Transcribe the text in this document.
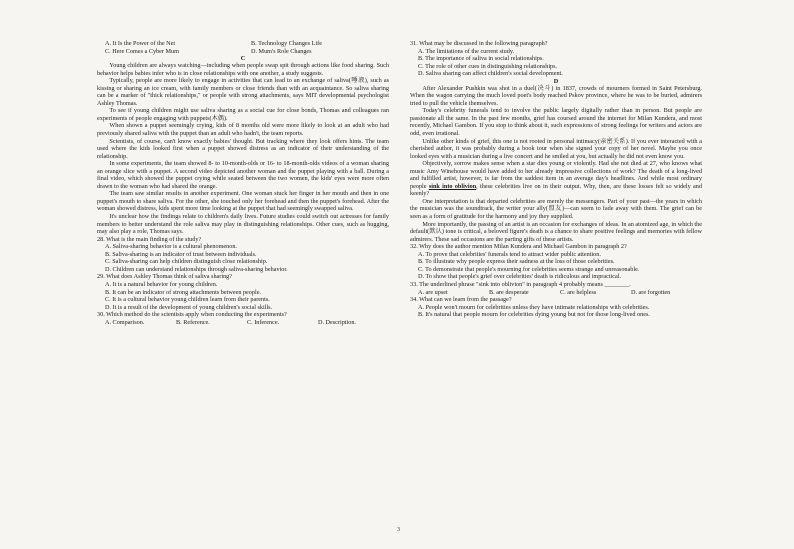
A. It Is the Power of the Net	B. Technology Changes Life
C. Here Comes a Cyber Mum	D. Mum's Role Changes
C

Young children are always watching—including when people swap spit through actions like food sharing. Such behavior helps babies infer who is in close relationships with one another, a study suggests.

Typically, people are more likely to engage in activities that can lead to an exchange of saliva(唾液), such as kissing or sharing an ice cream, with family members or close friends than with an acquaintance. So saliva sharing can be a marker of "thick relationships," or people with strong attachments, says MIT developmental psychologist Ashley Thomas.

To see if young children might use saliva sharing as a social cue for close bonds, Thomas and colleagues ran experiments of people engaging with puppets(木偶).

When shown a puppet seemingly crying, kids of 8 months old were more likely to look at an adult who had previously shared saliva with the puppet than an adult who hadn't, the team reports.

Scientists, of course, can't know exactly babies' thought. But tracking where they look offers hints. The team used where the kids looked first when a puppet showed distress as an indicator of their understanding of the relationship.

In some experiments, the team showed 8- to 10-month-olds or 16- to 18-month-olds videos of a woman sharing an orange slice with a puppet. A second video depicted another woman and the puppet playing with a ball. During a final video, which showed the puppet crying while seated between the two women, the kids' eyes were more often drawn to the woman who had shared the orange.

The team saw similar results in another experiment. One woman stuck her finger in her mouth and then in one puppet's mouth to share saliva. For the other, she touched only her forehead and then the puppet's forehead. After the woman showed distress, kids spent more time looking at the puppet that had seemingly swapped saliva.

It's unclear how the findings relate to children's daily lives. Future studies could switch out actresses for family members to better understand the role saliva may play in distinguishing relationships. Other cues, such as hugging, may also play a role, Thomas says.

28. What is the main finding of the study?

A. Saliva-sharing behavior is a cultural phenomenon.

B. Saliva-sharing is an indicator of trust between individuals.

C. Saliva-sharing can help children distinguish close relationship.

D. Children can understand relationships through saliva-sharing behavior.

29. What does Ashley Thomas think of saliva sharing?

A. It is a natural behavior for young children.

B. It can be an indicator of strong attachments between people.

C. It is a cultural behavior young children learn from their parents.

D. It is a result of the development of young children's social skills.

30. Which method do the scientists apply when conducting the experiments?

A. Comparison.	B. Reference.	C. Inference.	D. Description.

31. What may be discussed in the following paragraph?

A. The limitations of the current study.

B. The importance of saliva in social relationships.

C. The role of other cues in distinguishing relationships.

D. Saliva sharing can affect children's social development.

D

After Alexander Pushkin was shot in a duel(决斗) in 1837, crowds of mourners formed in Saint Petersburg. When the wagon carrying the much loved poet's body reached Pskov province, where he was to be buried, admirers tried to pull the vehicle themselves.

Today's celebrity funerals tend to involve the public largely digitally rather than in person. But people are passionate all the same. In the past few months, grief has coursed around the internet for Milan Kundera, and most recently, Michael Gambon. If you stop to think about it, such expressions of strong feelings for writers and actors are odd, even irrational.

Unlike other kinds of grief, this one is not rooted in personal intimacy(亲密关系). If you ever interacted with a cherished author, it was probably during a book tour when she signed your copy of her novel. Maybe you once looked eyes with a musician during a live concert and he smiled at you, but actually he did not even know you.

Objectively, sorrow makes sense when a star dies young or violently. Had she not died at 27, who knows what music Amy Winehouse would have added to her already impressive collections of work? The death of a long-lived and fulfilled artist, however, is far from the saddest item in an average day's headlines. And while most ordinary people sink into oblivion, these celebrities live on in their output. Why, then, are these losses felt so widely and keenly?

One interpretation is that departed celebrities are merely the messengers. Part of your past—the years in which the musician was the soundtrack, the writer your ally(盟友)—can seem to fade away with them. The grief can be seen as a form of gratitude for the harmony and joy they supplied.

More importantly, the passing of an artist is an occasion for exchanges of ideas. In an atomized age, in which the default(默认) tone is critical, a beloved figure's death is a chance to share positive feelings and memories with fellow admirers. These sad occasions are the parting gifts of these artists.

32. Why does the author mention Milan Kundera and Michael Gambon in paragraph 2?

A. To prove that celebrities' funerals tend to attract wider public attention.

B. To illustrate why people express their sadness at the loss of those celebrities.

C. To demonstrate that people's mourning for celebrities seems strange and unreasonable.

D. To show that people's grief over celebrities' death is ridiculous and impractical.

33. The underlined phrase "sink into oblivion" in paragraph 4 probably means ________.

A. are upset	B. are desperate	C. are helpless	D. are forgotten

34. What can we learn from the passage?

A. People won't mourn for celebrities unless they have intimate relationships with celebrities.

B. It's natural that people mourn for celebrities dying young but not for those long-lived ones.

3
